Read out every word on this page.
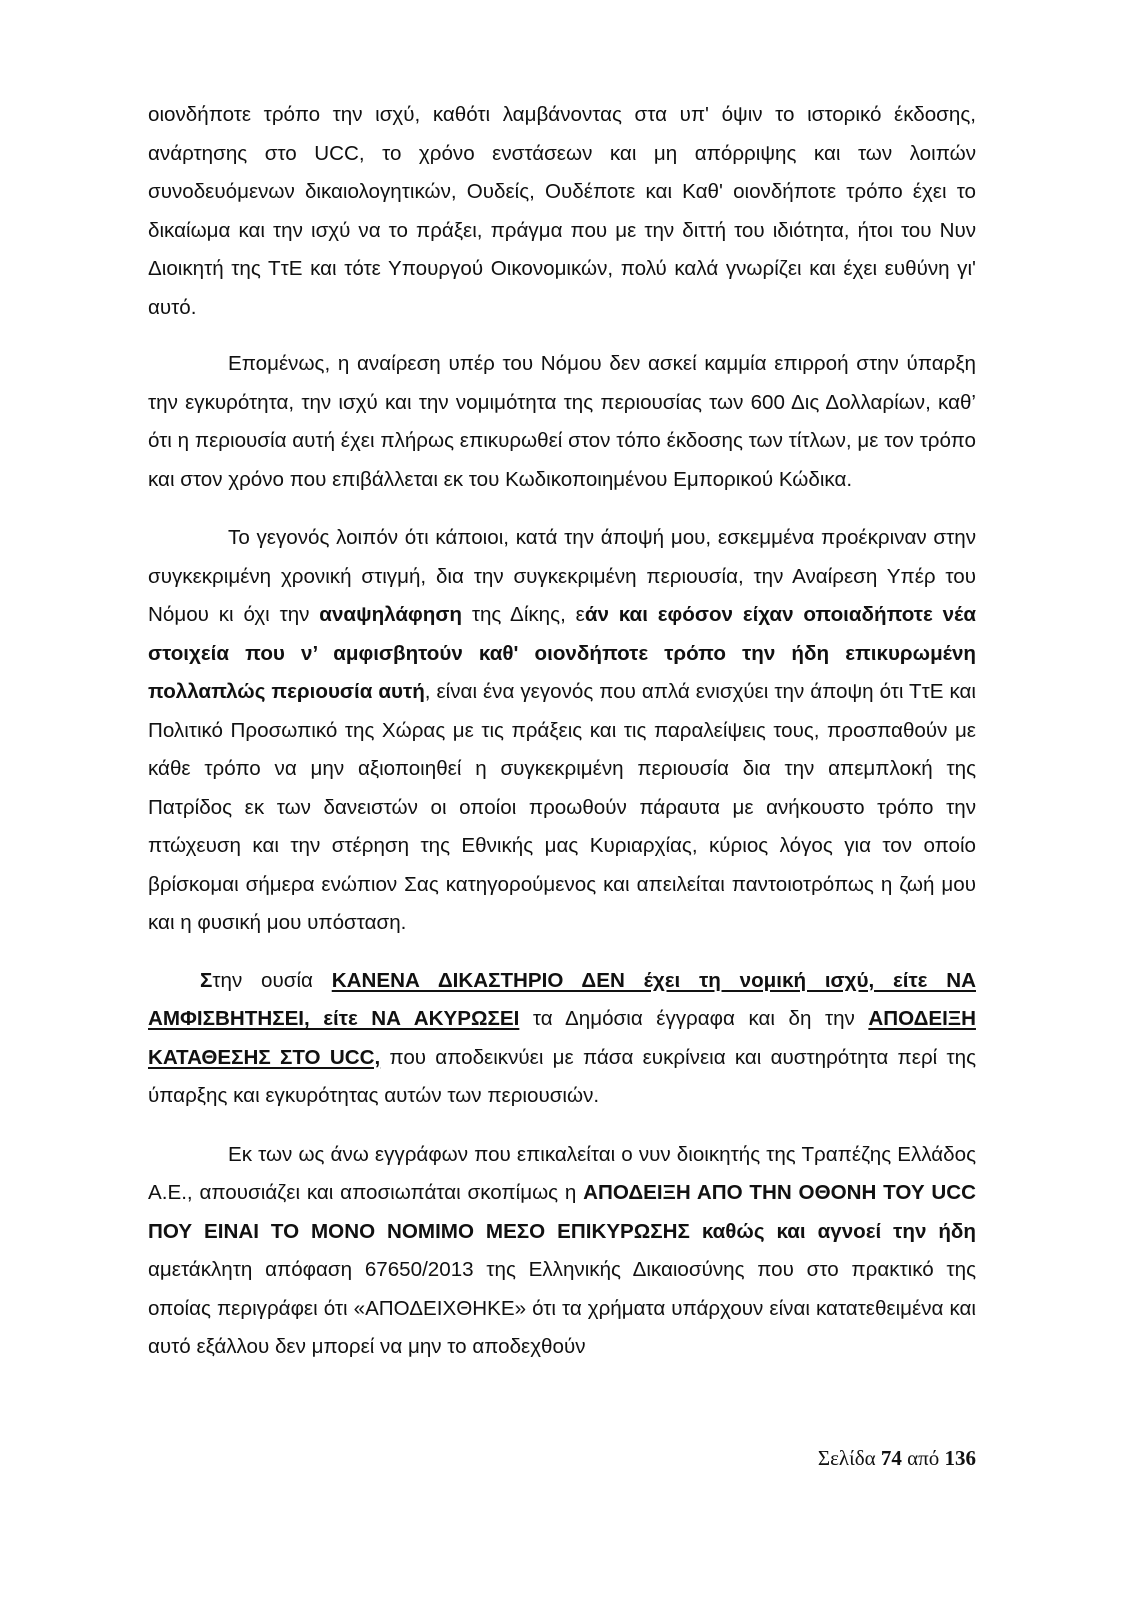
οιονδήποτε τρόπο την ισχύ, καθότι λαμβάνοντας στα υπ' όψιν το ιστορικό έκδοσης, ανάρτησης στο UCC, το χρόνο ενστάσεων και μη απόρριψης και των λοιπών συνοδευόμενων δικαιολογητικών, Ουδείς, Ουδέποτε και Καθ' οιονδήποτε τρόπο έχει το δικαίωμα και την ισχύ να το πράξει, πράγμα που με την διττή του ιδιότητα, ήτοι του Νυν Διοικητή της ΤτΕ και τότε Υπουργού Οικονομικών, πολύ καλά γνωρίζει και έχει ευθύνη γι' αυτό.

Επομένως, η αναίρεση υπέρ του Νόμου δεν ασκεί καμμία επιρροή στην ύπαρξη την εγκυρότητα, την ισχύ και την νομιμότητα της περιουσίας των 600 Δις Δολλαρίων, καθ’ ότι η περιουσία αυτή έχει πλήρως επικυρωθεί στον τόπο έκδοσης των τίτλων, με τον τρόπο και στον χρόνο που επιβάλλεται εκ του Κωδικοποιημένου Εμπορικού Κώδικα.

Το γεγονός λοιπόν ότι κάποιοι, κατά την άποψή μου, εσκεμμένα προέκριναν στην συγκεκριμένη χρονική στιγμή, δια την συγκεκριμένη περιουσία, την Αναίρεση Υπέρ του Νόμου κι όχι την αναψηλάφηση της Δίκης, εάν και εφόσον είχαν οποιαδήποτε νέα στοιχεία που ν’ αμφισβητούν καθ' οιονδήποτε τρόπο την ήδη επικυρωμένη πολλαπλώς περιουσία αυτή, είναι ένα γεγονός που απλά ενισχύει την άποψη ότι ΤτΕ και Πολιτικό Προσωπικό της Χώρας με τις πράξεις και τις παραλείψεις τους, προσπαθούν με κάθε τρόπο να μην αξιοποιηθεί η συγκεκριμένη περιουσία δια την απεμπλοκή της Πατρίδος εκ των δανειστών οι οποίοι προωθούν πάραυτα με ανήκουστο τρόπο την πτώχευση και την στέρηση της Εθνικής μας Κυριαρχίας, κύριος λόγος για τον οποίο βρίσκομαι σήμερα ενώπιον Σας κατηγορούμενος και απειλείται παντοιοτρόπως η ζωή μου και η φυσική μου υπόσταση.

Στην ουσία ΚΑΝΕΝΑ ΔΙΚΑΣΤΗΡΙΟ ΔΕΝ έχει τη νομική ισχύ, είτε ΝΑ ΑΜΦΙΣΒΗΤΗΣΕΙ, είτε ΝΑ ΑΚΥΡΩΣΕΙ τα Δημόσια έγγραφα και δη την ΑΠΟΔΕΙΞΗ ΚΑΤΑΘΕΣΗΣ ΣΤΟ UCC, που αποδεικνύει με πάσα ευκρίνεια και αυστηρότητα περί της ύπαρξης και εγκυρότητας αυτών των περιουσιών.

Εκ των ως άνω εγγράφων που επικαλείται ο νυν διοικητής της Τραπέζης Ελλάδος Α.Ε., απουσιάζει και αποσιωπάται σκοπίμως η ΑΠΟΔΕΙΞΗ ΑΠΟ ΤΗΝ ΟΘΟΝΗ ΤΟΥ UCC ΠΟΥ ΕΙΝΑΙ ΤΟ ΜΟΝΟ ΝΟΜΙΜΟ ΜΕΣΟ ΕΠΙΚΥΡΩΣΗΣ καθώς και αγνοεί την ήδη αμετάκλητη απόφαση 67650/2013 της Ελληνικής Δικαιοσύνης που στο πρακτικό της οποίας περιγράφει ότι «ΑΠΟΔΕΙΧΘΗΚΕ» ότι τα χρήματα υπάρχουν είναι κατατεθειμένα και αυτό εξάλλου δεν μπορεί να μην το αποδεχθούν

Σελίδα 74 από 136
